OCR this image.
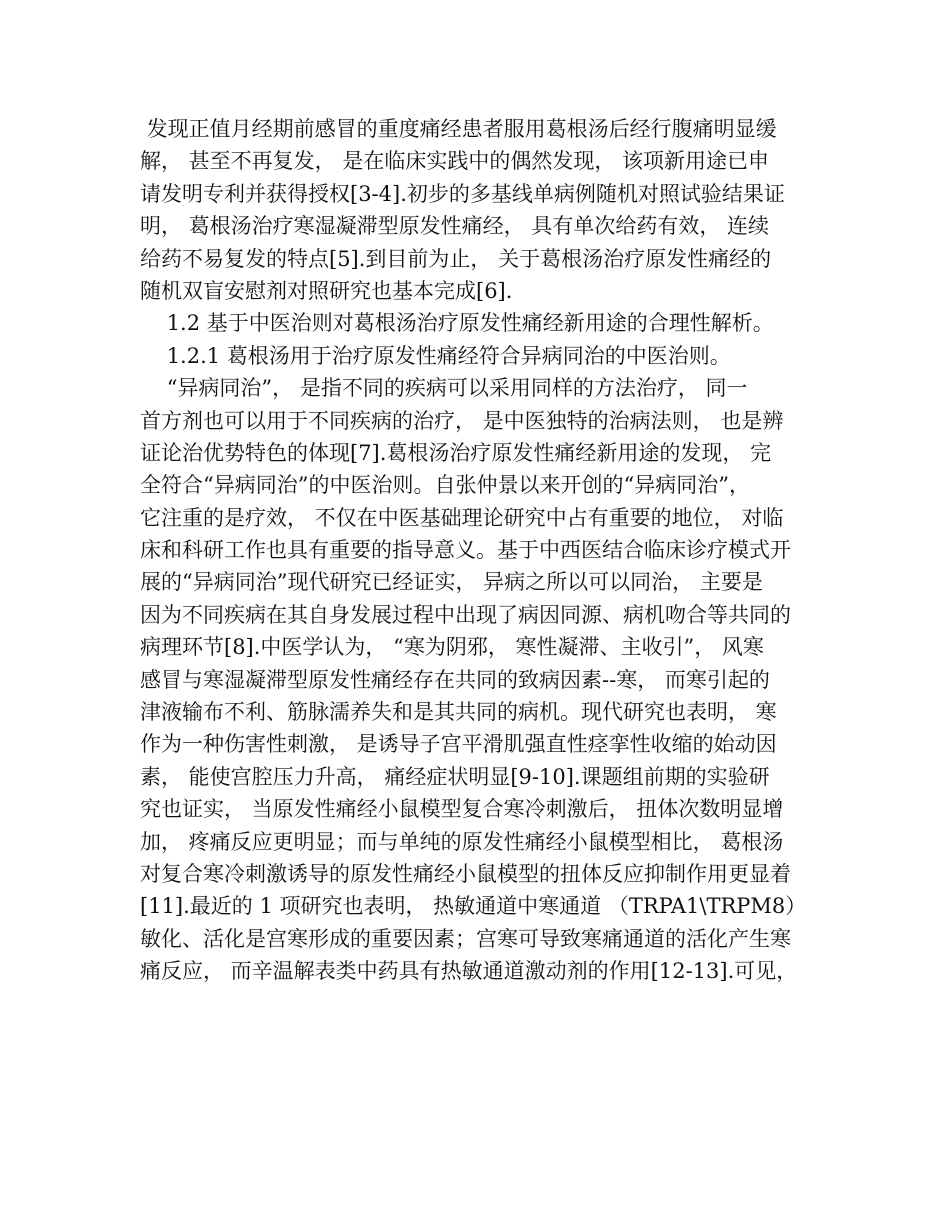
发现正值月经期前感冒的重度痛经患者服用葛根汤后经行腹痛明显缓
解， 甚至不再复发， 是在临床实践中的偶然发现， 该项新用途已申
请发明专利并获得授权[3-4].初步的多基线单病例随机对照试验结果证
明， 葛根汤治疗寒湿凝滞型原发性痛经， 具有单次给药有效， 连续
给药不易复发的特点[5].到目前为止， 关于葛根汤治疗原发性痛经的
随机双盲安慰剂对照研究也基本完成[6].
1.2 基于中医治则对葛根汤治疗原发性痛经新用途的合理性解析。
1.2.1 葛根汤用于治疗原发性痛经符合异病同治的中医治则。
“异病同治”， 是指不同的疾病可以采用同样的方法治疗， 同一
首方剂也可以用于不同疾病的治疗， 是中医独特的治病法则， 也是辨
证论治优势特色的体现[7].葛根汤治疗原发性痛经新用途的发现， 完
全符合“异病同治”的中医治则。自张仲景以来开创的“异病同治”，
它注重的是疗效， 不仅在中医基础理论研究中占有重要的地位， 对临
床和科研工作也具有重要的指导意义。基于中西医结合临床诊疗模式开
展的“异病同治”现代研究已经证实， 异病之所以可以同治， 主要是
因为不同疾病在其自身发展过程中出现了病因同源、病机吻合等共同的
病理环节[8].中医学认为， “寒为阴邪， 寒性凝滞、主收引”， 风寒
感冒与寒湿凝滞型原发性痛经存在共同的致病因素--寒， 而寒引起的
津液输布不利、筋脉濡养失和是其共同的病机。现代研究也表明， 寒
作为一种伤害性刺激， 是诱导子宫平滑肌强直性痉挛性收缩的始动因
素， 能使宫腔压力升高， 痛经症状明显[9-10].课题组前期的实验研
究也证实， 当原发性痛经小鼠模型复合寒冷刺激后， 扭体次数明显增
加， 疼痛反应更明显；而与单纯的原发性痛经小鼠模型相比， 葛根汤
对复合寒冷刺激诱导的原发性痛经小鼠模型的扭体反应抑制作用更显着
[11].最近的 1 项研究也表明， 热敏通道中寒通道 （TRPA1\TRPM8）
敏化、活化是宫寒形成的重要因素；宫寒可导致寒痛通道的活化产生寒
痛反应， 而辛温解表类中药具有热敏通道激动剂的作用[12-13].可见，
